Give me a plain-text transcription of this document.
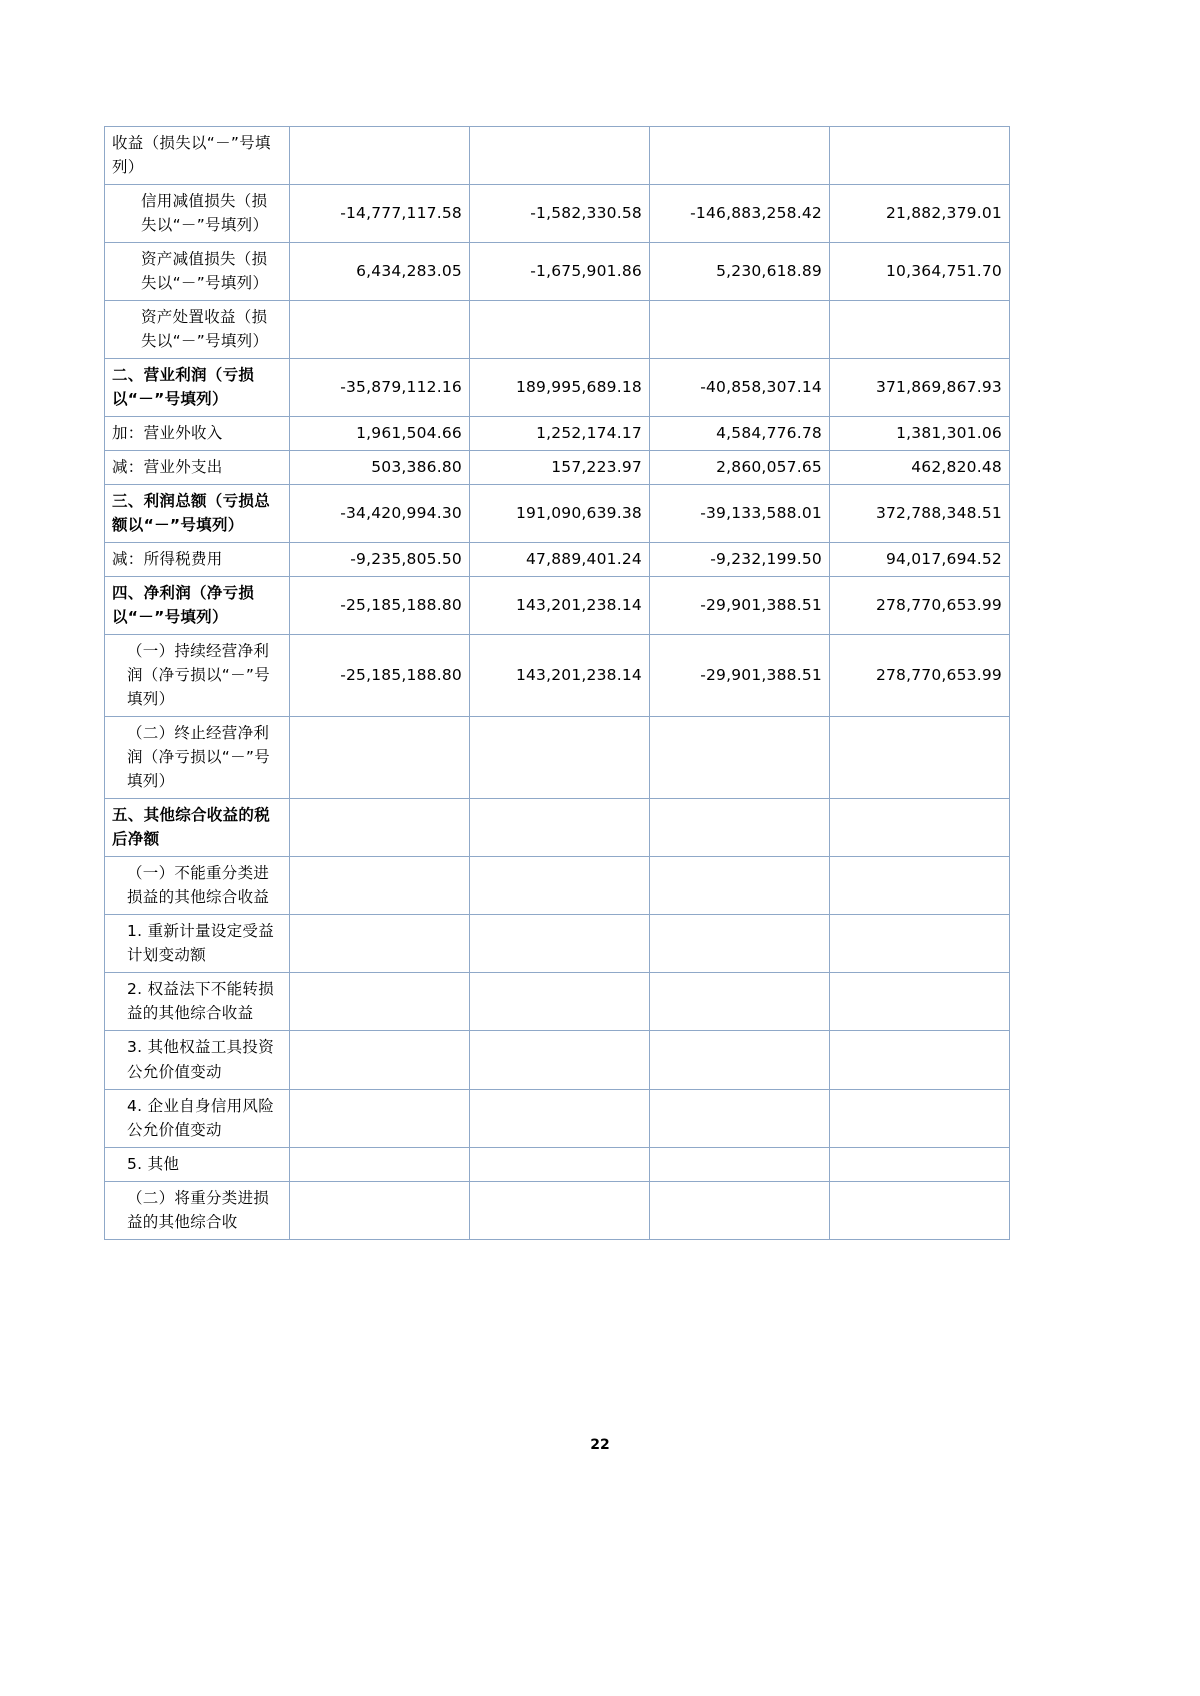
收益（损失以“－”号填列）				
信用减值损失（损失以“－”号填列）	-14,777,117.58	-1,582,330.58	-146,883,258.42	21,882,379.01
资产减值损失（损失以“－”号填列）	6,434,283.05	-1,675,901.86	5,230,618.89	10,364,751.70
资产处置收益（损失以“－”号填列）				
二、营业利润（亏损以“－”号填列）	-35,879,112.16	189,995,689.18	-40,858,307.14	371,869,867.93
加：营业外收入	1,961,504.66	1,252,174.17	4,584,776.78	1,381,301.06
减：营业外支出	503,386.80	157,223.97	2,860,057.65	462,820.48
三、利润总额（亏损总额以“－”号填列）	-34,420,994.30	191,090,639.38	-39,133,588.01	372,788,348.51
减：所得税费用	-9,235,805.50	47,889,401.24	-9,232,199.50	94,017,694.52
四、净利润（净亏损以“－”号填列）	-25,185,188.80	143,201,238.14	-29,901,388.51	278,770,653.99
（一）持续经营净利润（净亏损以“－”号填列）	-25,185,188.80	143,201,238.14	-29,901,388.51	278,770,653.99
（二）终止经营净利润（净亏损以“－”号填列）				
五、其他综合收益的税后净额				
（一）不能重分类进损益的其他综合收益				
1. 重新计量设定受益计划变动额				
2. 权益法下不能转损益的其他综合收益				
3. 其他权益工具投资公允价值变动				
4. 企业自身信用风险公允价值变动				
5. 其他				
（二）将重分类进损益的其他综合收				
22
